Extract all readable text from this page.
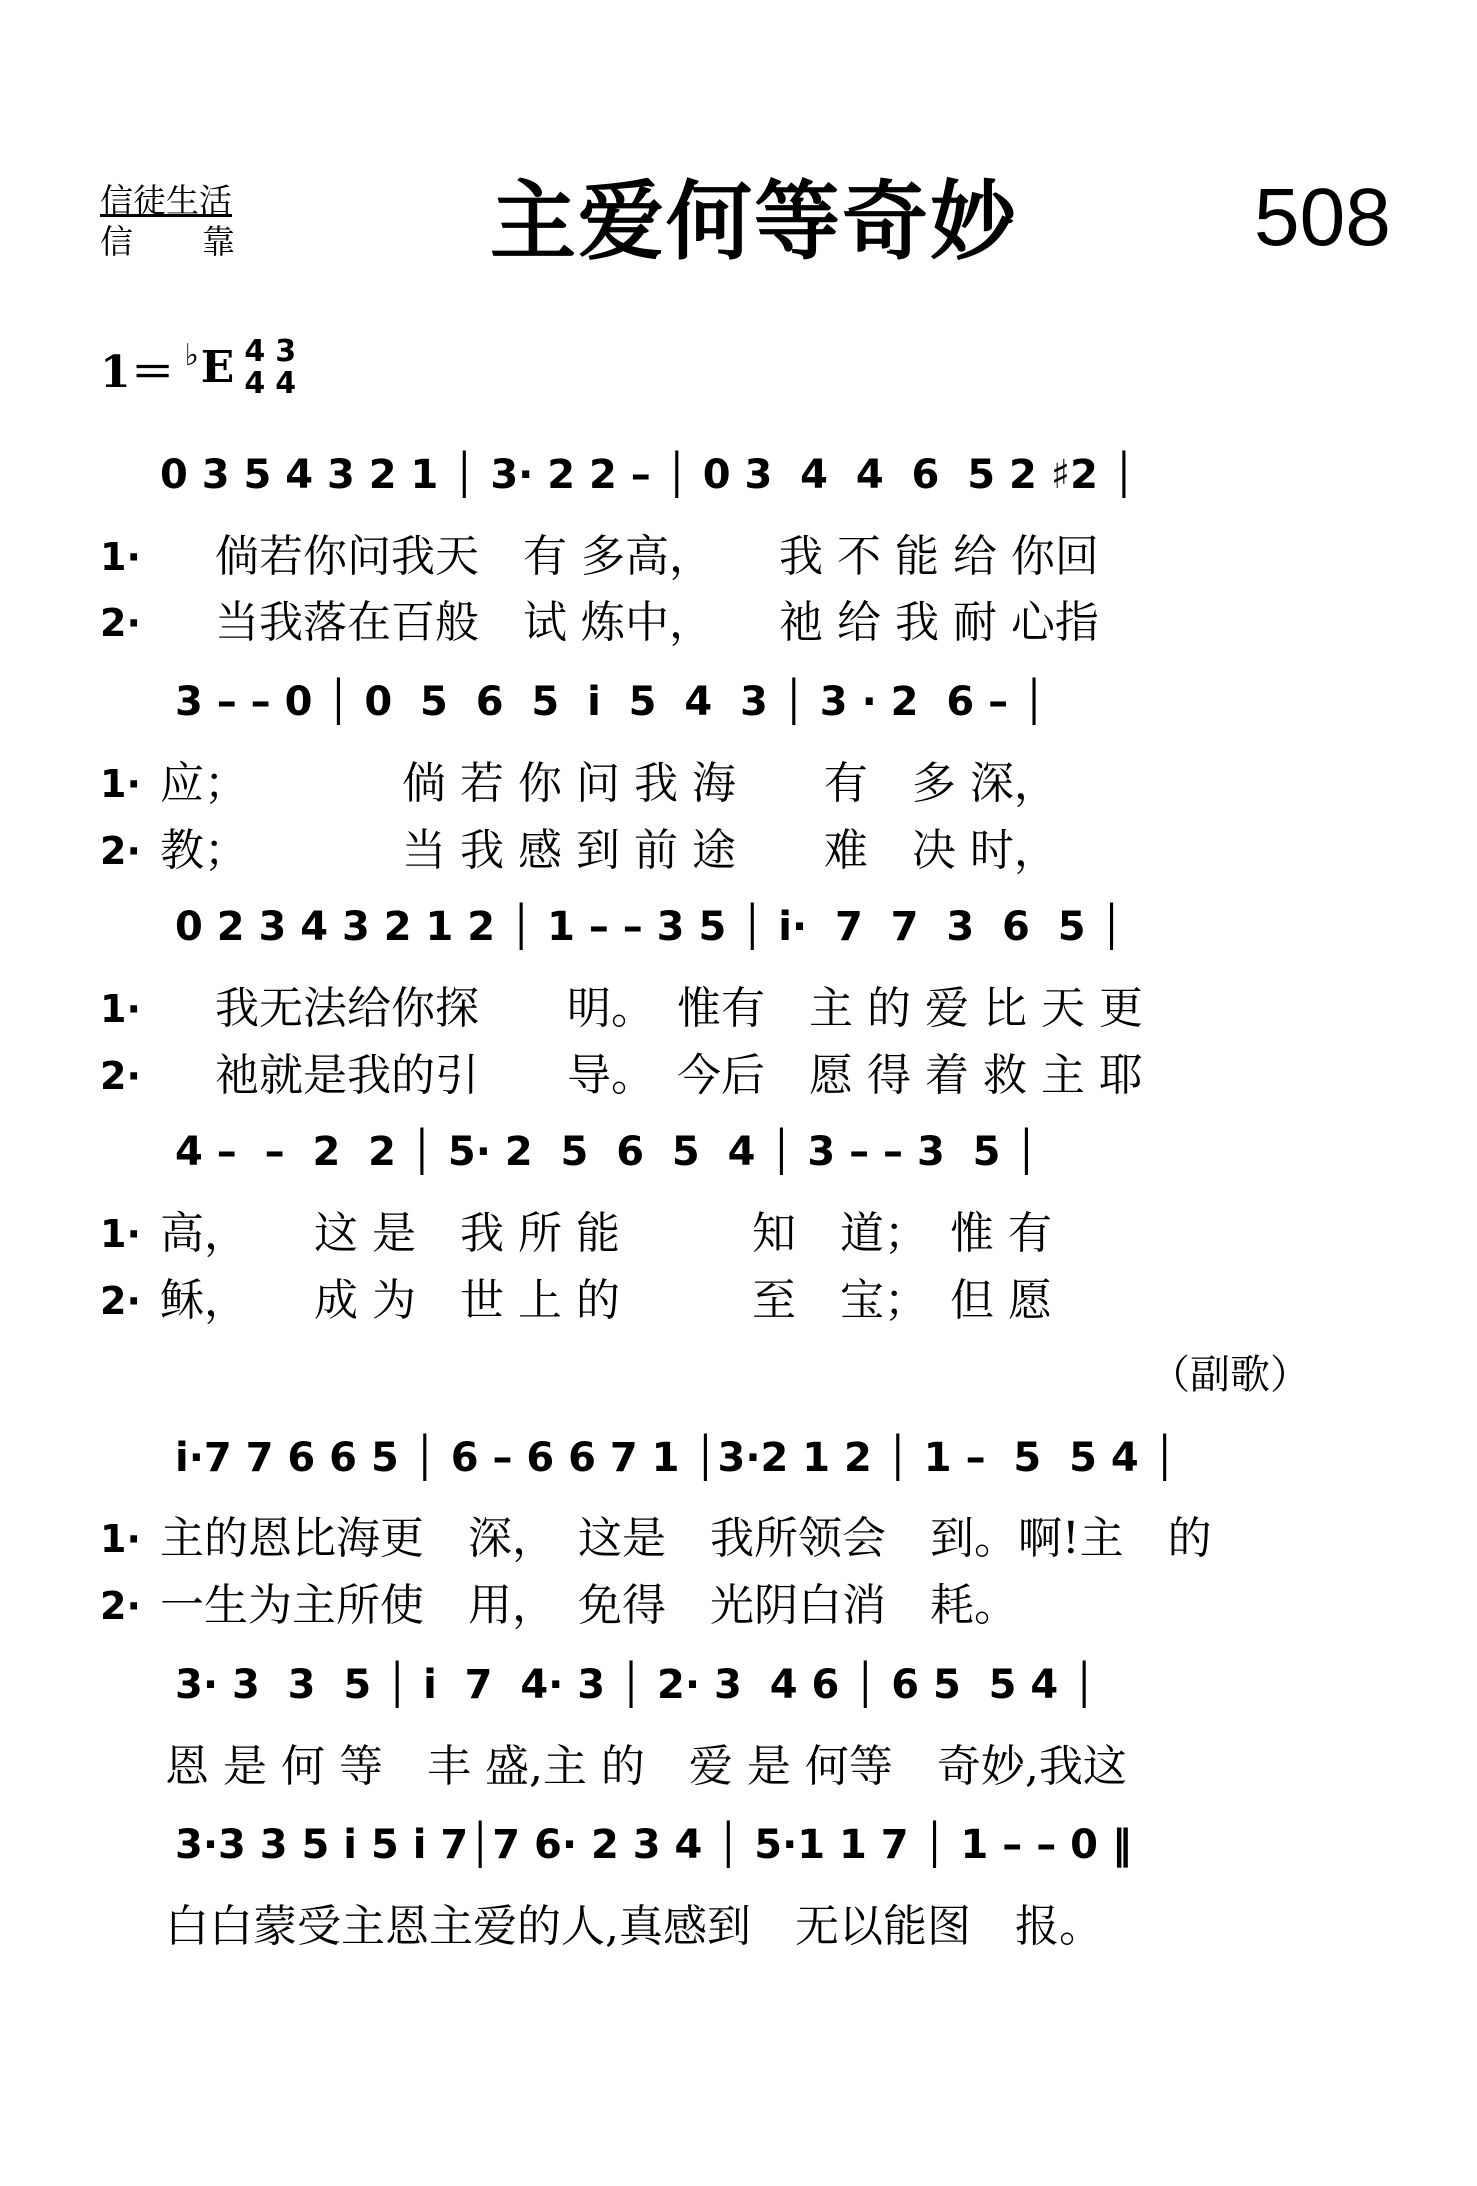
信徒生活
信　靠	主爱何等奇妙	508
1＝ ♭ E 4
4
3
4
0 3 5 4 3 2 1 │ 3· 2 2 – │ 0 3  4  4  6  5 2 ♯2 │
1· 倘若你问我天　有 多高，　　我 不 能 给 你回
2· 当我落在百般　试 炼中，　　祂 给 我 耐 心指
3 – – 0 │ 0  5  6  5  i  5  4  3 │ 3 · 2  6 – │
1· 应；　　　　倘 若 你 问 我 海　　有　多 深，
2· 教；　　　　当 我 感 到 前 途　　难　决 时，
0 2 3 4 3 2 1 2 │ 1 – – 3 5 │ i·  7  7  3  6  5 │
1· 我无法给你探　　明。　惟有　主 的 爱 比 天 更
2· 祂就是我的引　　导。　今后　愿 得 着 救 主 耶
4 –  –  2  2 │ 5· 2  5  6  5  4 │ 3 – – 3  5 │
1· 高，　　这 是　我 所 能　　　知　道；　惟 有
2· 稣，　　成 为　世 上 的　　　至　宝；　但 愿
（副歌）
i·7 7 6 6 5 │ 6 – 6 6 7 1 │3·2 1 2 │ 1 –  5  5 4 │
1· 主的恩比海更　深，　这是　我所领会　到。啊!主　的
2· 一生为主所使　用，　免得　光阴白消　耗。
3· 3  3  5 │ i  7  4· 3 │ 2· 3  4 6 │ 6 5  5 4 │
恩 是 何 等　丰 盛,主 的　爱 是 何等　奇妙,我这
3·3 3 5 i 5 i 7│7 6· 2 3 4 │ 5·1 1 7 │ 1 – – 0 ‖
白白蒙受主恩主爱的人,真感到　无以能图　报。
